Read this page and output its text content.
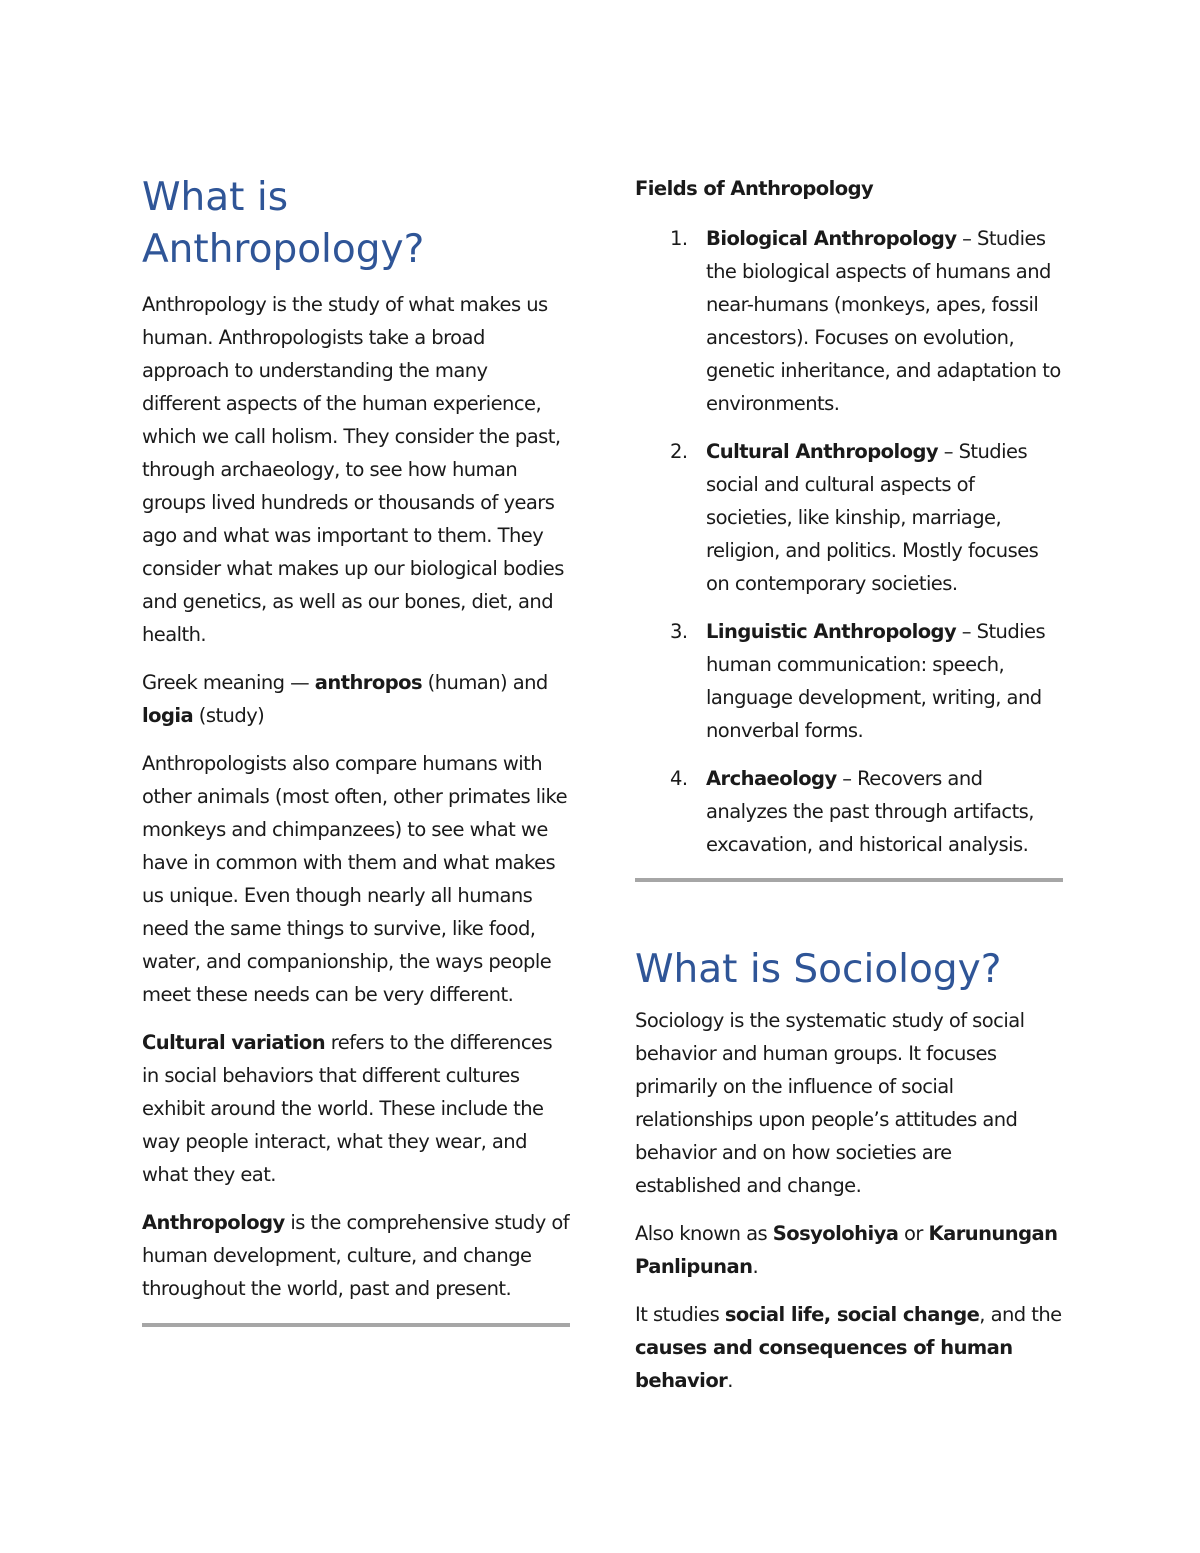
What is Anthropology?

Anthropology is the study of what makes us human. Anthropologists take a broad approach to understanding the many different aspects of the human experience, which we call holism. They consider the past, through archaeology, to see how human groups lived hundreds or thousands of years ago and what was important to them. They consider what makes up our biological bodies and genetics, as well as our bones, diet, and health.

Greek meaning — anthropos (human) and logia (study)

Anthropologists also compare humans with other animals (most often, other primates like monkeys and chimpanzees) to see what we have in common with them and what makes us unique. Even though nearly all humans need the same things to survive, like food, water, and companionship, the ways people meet these needs can be very different.

Cultural variation refers to the differences in social behaviors that different cultures exhibit around the world. These include the way people interact, what they wear, and what they eat.

Anthropology is the comprehensive study of human development, culture, and change throughout the world, past and present.

Fields of Anthropology

1. Biological Anthropology – Studies the biological aspects of humans and near-humans (monkeys, apes, fossil ancestors). Focuses on evolution, genetic inheritance, and adaptation to environments.
2. Cultural Anthropology – Studies social and cultural aspects of societies, like kinship, marriage, religion, and politics. Mostly focuses on contemporary societies.
3. Linguistic Anthropology – Studies human communication: speech, language development, writing, and nonverbal forms.
4. Archaeology – Recovers and analyzes the past through artifacts, excavation, and historical analysis.
What is Sociology?

Sociology is the systematic study of social behavior and human groups. It focuses primarily on the influence of social relationships upon people’s attitudes and behavior and on how societies are established and change.

Also known as Sosyolohiya or Karunungan Panlipunan.

It studies social life, social change, and the causes and consequences of human behavior.
